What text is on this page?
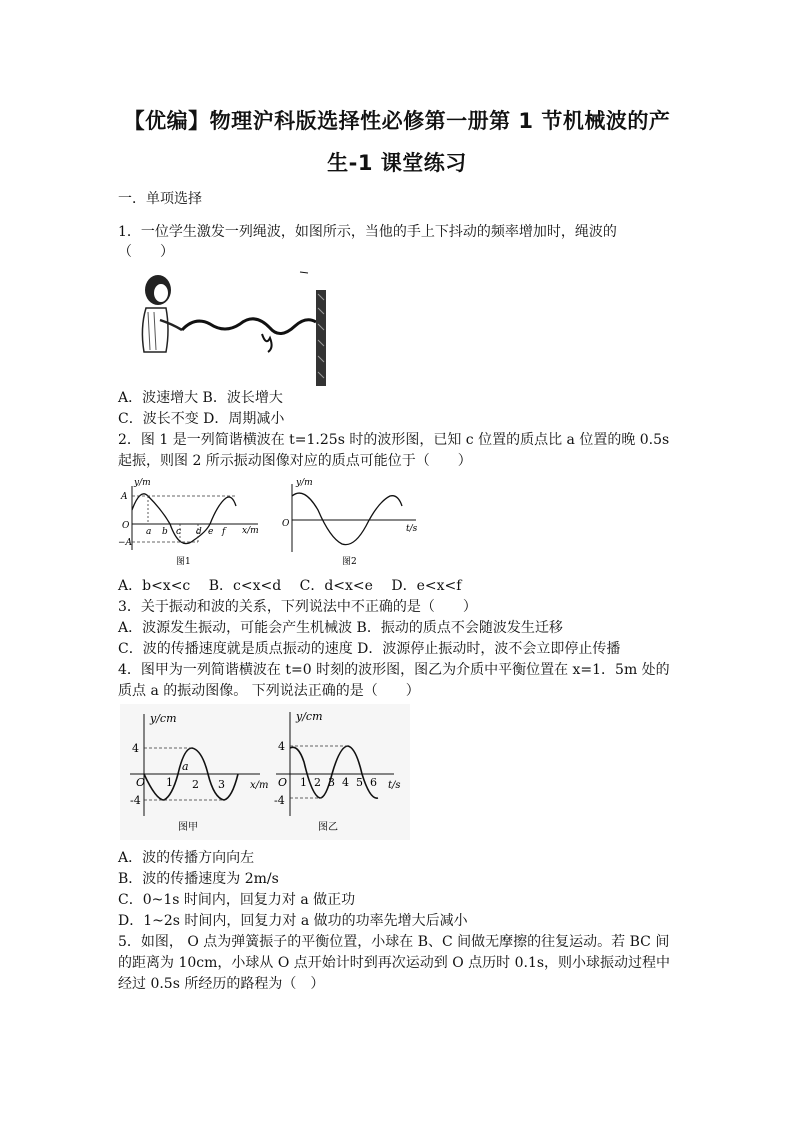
【优编】物理沪科版选择性必修第一册第 1 节机械波的产
生-1 课堂练习
一．单项选择
1．一位学生激发一列绳波，如图所示，当他的手上下抖动的频率增加时，绳波的
（　　）
A．波速增大 B．波长增大
C．波长不变 D．周期减小
2．图 1 是一列简谐横波在 t=1.25s 时的波形图，已知 c 位置的质点比 a 位置的晚 0.5s
起振，则图 2 所示振动图像对应的质点可能位于（　　）
y/m
x/m
A
−A
O
a b c d e f
图1
y/m
t/s
O
图2
A．b<x<c　 B．c<x<d　 C．d<x<e　 D．e<x<f
3．关于振动和波的关系，下列说法中不正确的是（　　）
A．波源发生振动，可能会产生机械波 B．振动的质点不会随波发生迁移
C．波的传播速度就是质点振动的速度 D．波源停止振动时，波不会立即停止传播
4．图甲为一列简谐横波在 t=0 时刻的波形图，图乙为介质中平衡位置在 x=1．5m 处的
质点 a 的振动图像。 下列说法正确的是（　　）
y/cm
x/m
4
-4
O 1 2 3
a
图甲
y/cm
t/s
4
-4
O 1 2 3 4 5 6
图乙
A．波的传播方向向左
B．波的传播速度为 2m/s
C．0~1s 时间内，回复力对 a 做正功
D．1~2s 时间内，回复力对 a 做功的功率先增大后减小
5．如图， O 点为弹簧振子的平衡位置，小球在 B、C 间做无摩擦的往复运动。若 BC 间
的距离为 10cm，小球从 O 点开始计时到再次运动到 O 点历时 0.1s，则小球振动过程中
经过 0.5s 所经历的路程为（　）
